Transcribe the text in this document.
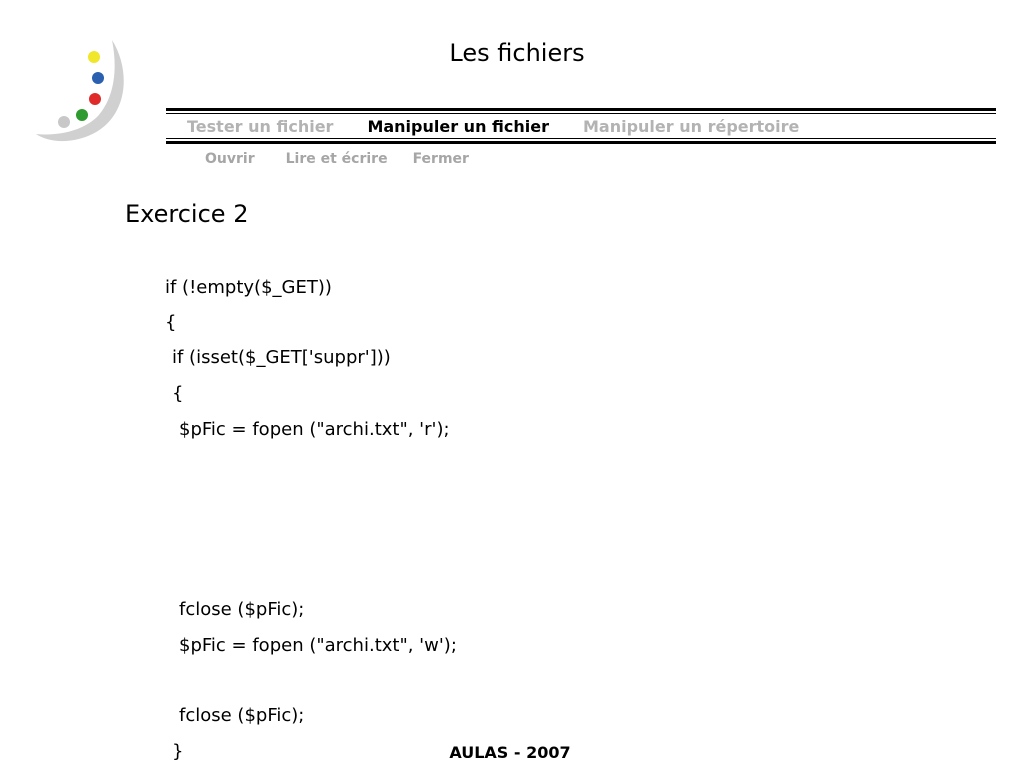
Les fichiers
Tester un fichier Manipuler un fichier Manipuler un répertoire
Ouvrir Lire et écrire Fermer
Exercice 2
if (!empty($_GET))
{
if (isset($_GET['suppr']))
{
$pFic = fopen ("archi.txt", 'r');
fclose ($pFic);
$pFic = fopen ("archi.txt", 'w');
fclose ($pFic);
}	AULAS - 2007
